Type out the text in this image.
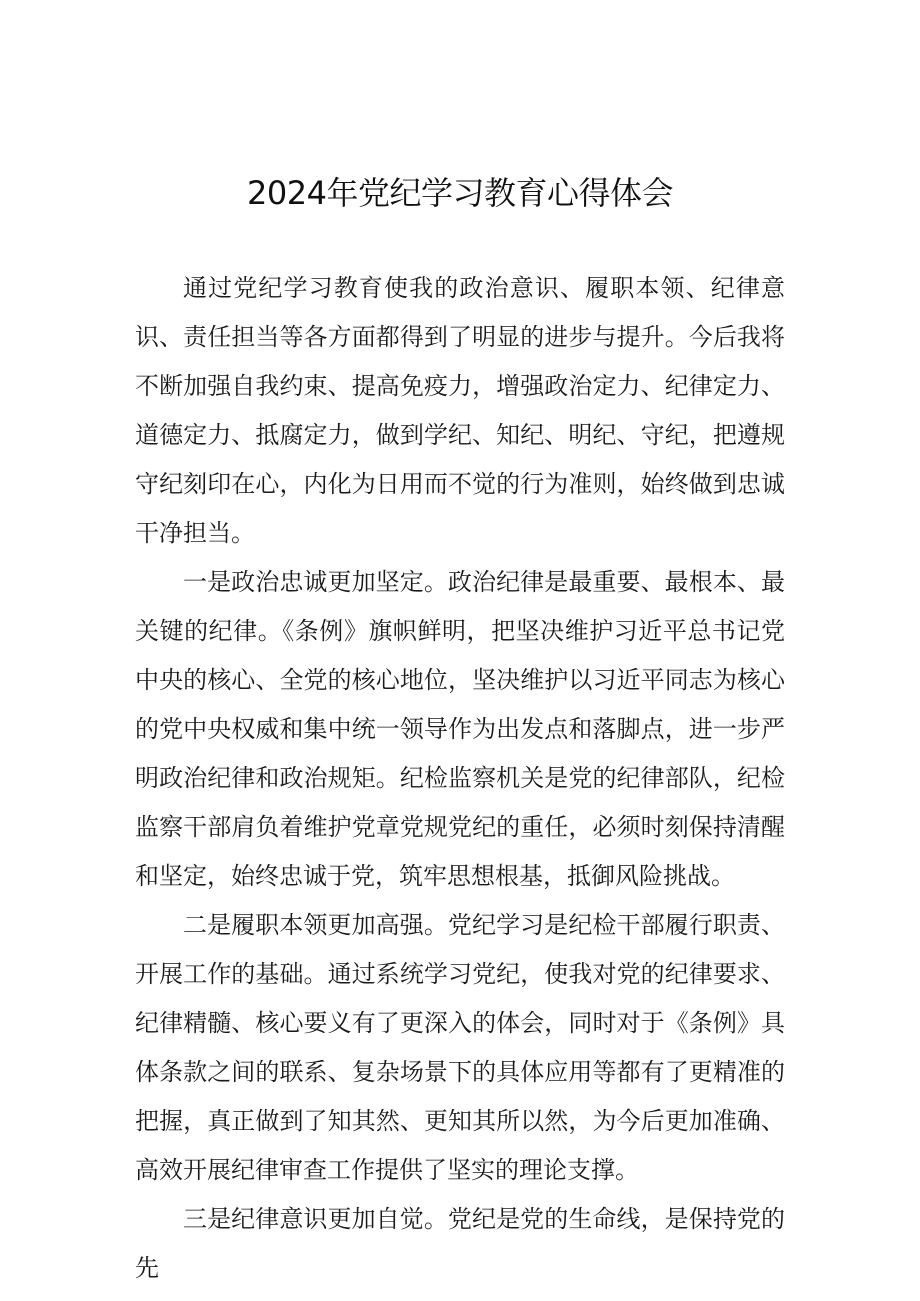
2024年党纪学习教育心得体会

通过党纪学习教育使我的政治意识、履职本领、纪律意识、责任担当等各方面都得到了明显的进步与提升。今后我将不断加强自我约束、提高免疫力，增强政治定力、纪律定力、道德定力、抵腐定力，做到学纪、知纪、明纪、守纪，把遵规守纪刻印在心，内化为日用而不觉的行为准则，始终做到忠诚干净担当。

一是政治忠诚更加坚定。政治纪律是最重要、最根本、最关键的纪律。《条例》旗帜鲜明，把坚决维护习近平总书记党中央的核心、全党的核心地位，坚决维护以习近平同志为核心的党中央权威和集中统一领导作为出发点和落脚点，进一步严明政治纪律和政治规矩。纪检监察机关是党的纪律部队，纪检监察干部肩负着维护党章党规党纪的重任，必须时刻保持清醒和坚定，始终忠诚于党，筑牢思想根基，抵御风险挑战。

二是履职本领更加高强。党纪学习是纪检干部履行职责、开展工作的基础。通过系统学习党纪，使我对党的纪律要求、纪律精髓、核心要义有了更深入的体会，同时对于《条例》具体条款之间的联系、复杂场景下的具体应用等都有了更精准的把握，真正做到了知其然、更知其所以然，为今后更加准确、高效开展纪律审查工作提供了坚实的理论支撑。

三是纪律意识更加自觉。党纪是党的生命线，是保持党的先
